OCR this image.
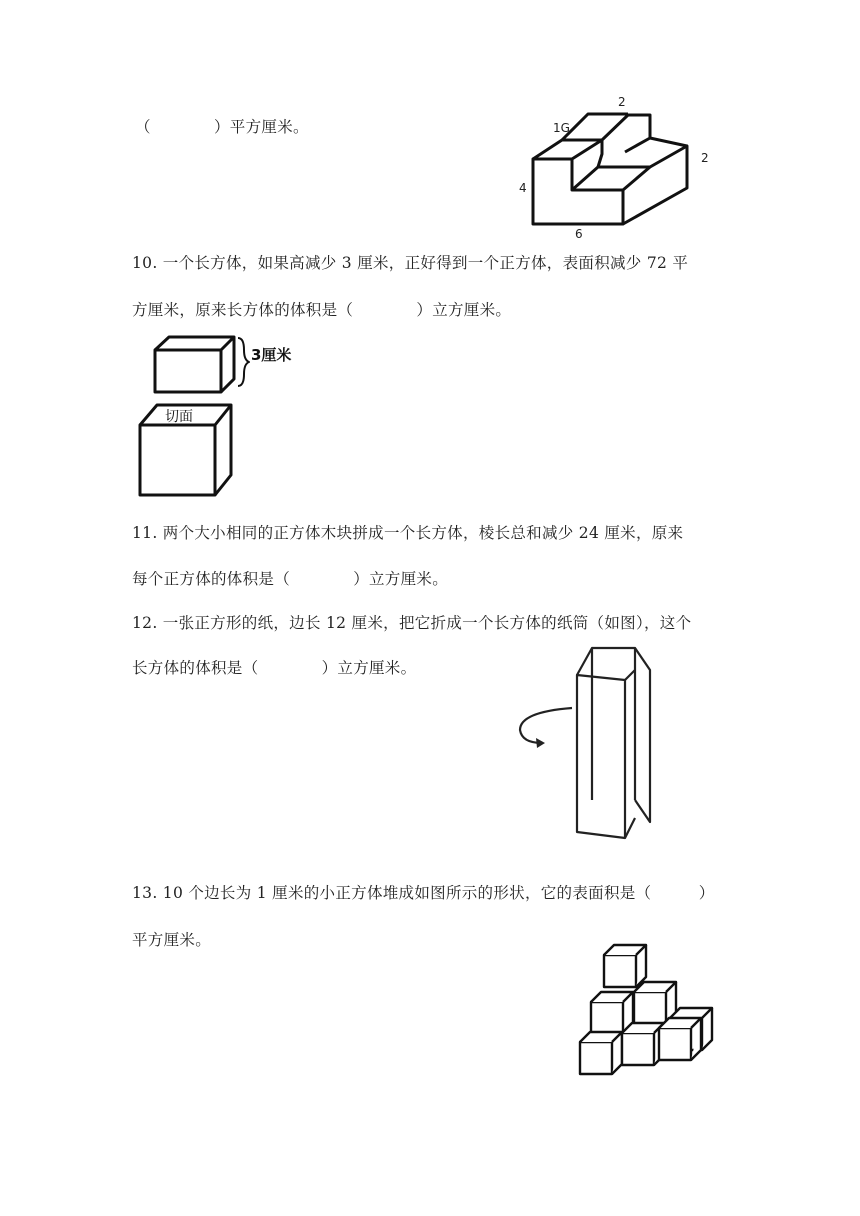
（　　　　）平方厘米。
2
1G
2
4
6
10. 一个长方体，如果高减少 3 厘米，正好得到一个正方体，表面积减少 72 平
方厘米，原来长方体的体积是（　　　　）立方厘米。
3厘米
切面
11. 两个大小相同的正方体木块拼成一个长方体，棱长总和减少 24 厘米，原来
每个正方体的体积是（　　　　）立方厘米。
12. 一张正方形的纸，边长 12 厘米，把它折成一个长方体的纸筒（如图），这个
长方体的体积是（　　　　）立方厘米。
13. 10 个边长为 1 厘米的小正方体堆成如图所示的形状，它的表面积是（　　　）
平方厘米。
